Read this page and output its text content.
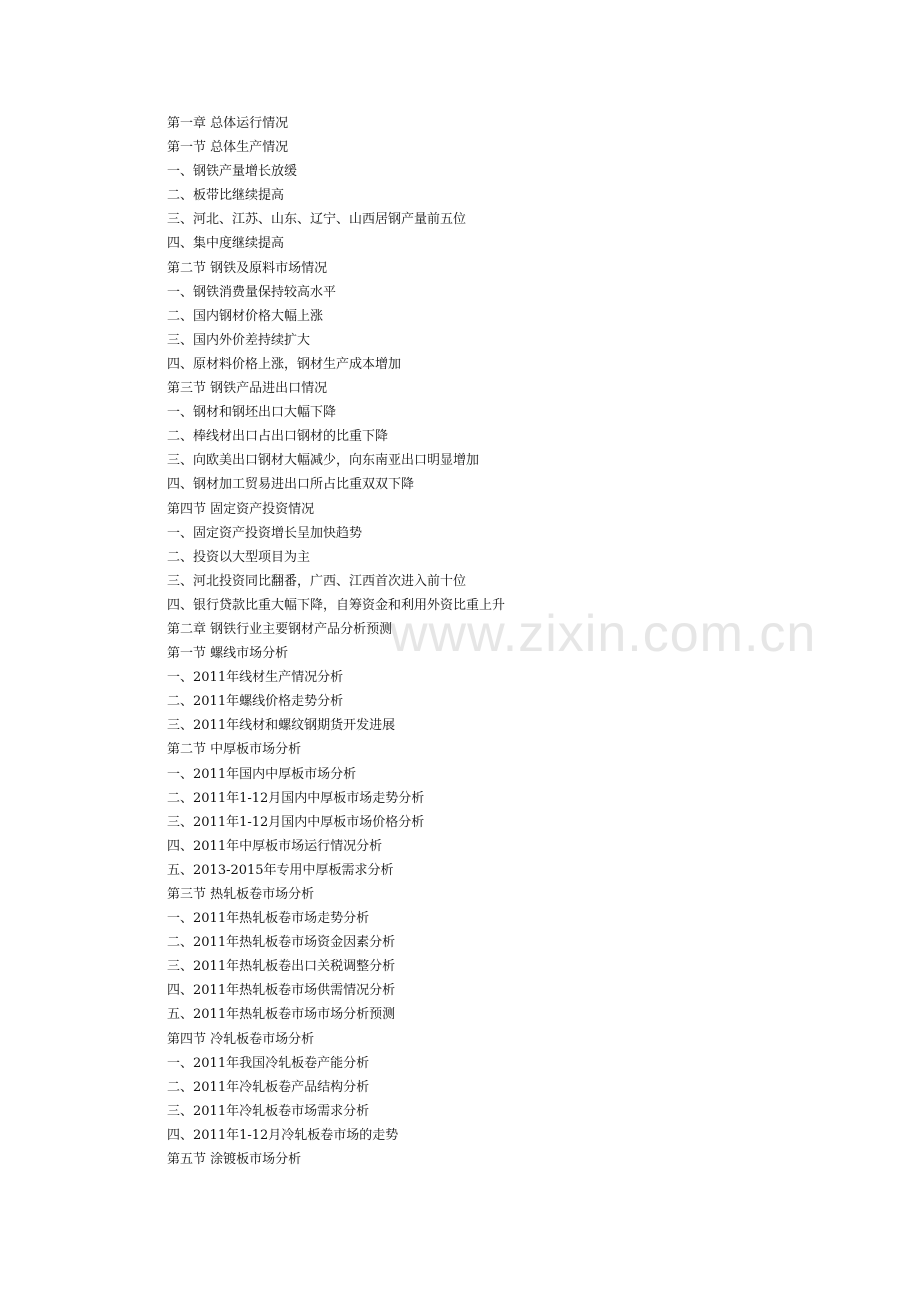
www.zixin.com.cn
第一章 总体运行情况
第一节 总体生产情况
一、钢铁产量增长放缓
二、板带比继续提高
三、河北、江苏、山东、辽宁、山西居钢产量前五位
四、集中度继续提高
第二节 钢铁及原料市场情况
一、钢铁消费量保持较高水平
二、国内钢材价格大幅上涨
三、国内外价差持续扩大
四、原材料价格上涨，钢材生产成本增加
第三节 钢铁产品进出口情况
一、钢材和钢坯出口大幅下降
二、棒线材出口占出口钢材的比重下降
三、向欧美出口钢材大幅减少，向东南亚出口明显增加
四、钢材加工贸易进出口所占比重双双下降
第四节 固定资产投资情况
一、固定资产投资增长呈加快趋势
二、投资以大型项目为主
三、河北投资同比翻番，广西、江西首次进入前十位
四、银行贷款比重大幅下降，自筹资金和利用外资比重上升
第二章 钢铁行业主要钢材产品分析预测
第一节 螺线市场分析
一、2011年线材生产情况分析
二、2011年螺线价格走势分析
三、2011年线材和螺纹钢期货开发进展
第二节 中厚板市场分析
一、2011年国内中厚板市场分析
二、2011年1-12月国内中厚板市场走势分析
三、2011年1-12月国内中厚板市场价格分析
四、2011年中厚板市场运行情况分析
五、2013-2015年专用中厚板需求分析
第三节 热轧板卷市场分析
一、2011年热轧板卷市场走势分析
二、2011年热轧板卷市场资金因素分析
三、2011年热轧板卷出口关税调整分析
四、2011年热轧板卷市场供需情况分析
五、2011年热轧板卷市场市场分析预测
第四节 冷轧板卷市场分析
一、2011年我国冷轧板卷产能分析
二、2011年冷轧板卷产品结构分析
三、2011年冷轧板卷市场需求分析
四、2011年1-12月冷轧板卷市场的走势
第五节 涂镀板市场分析
